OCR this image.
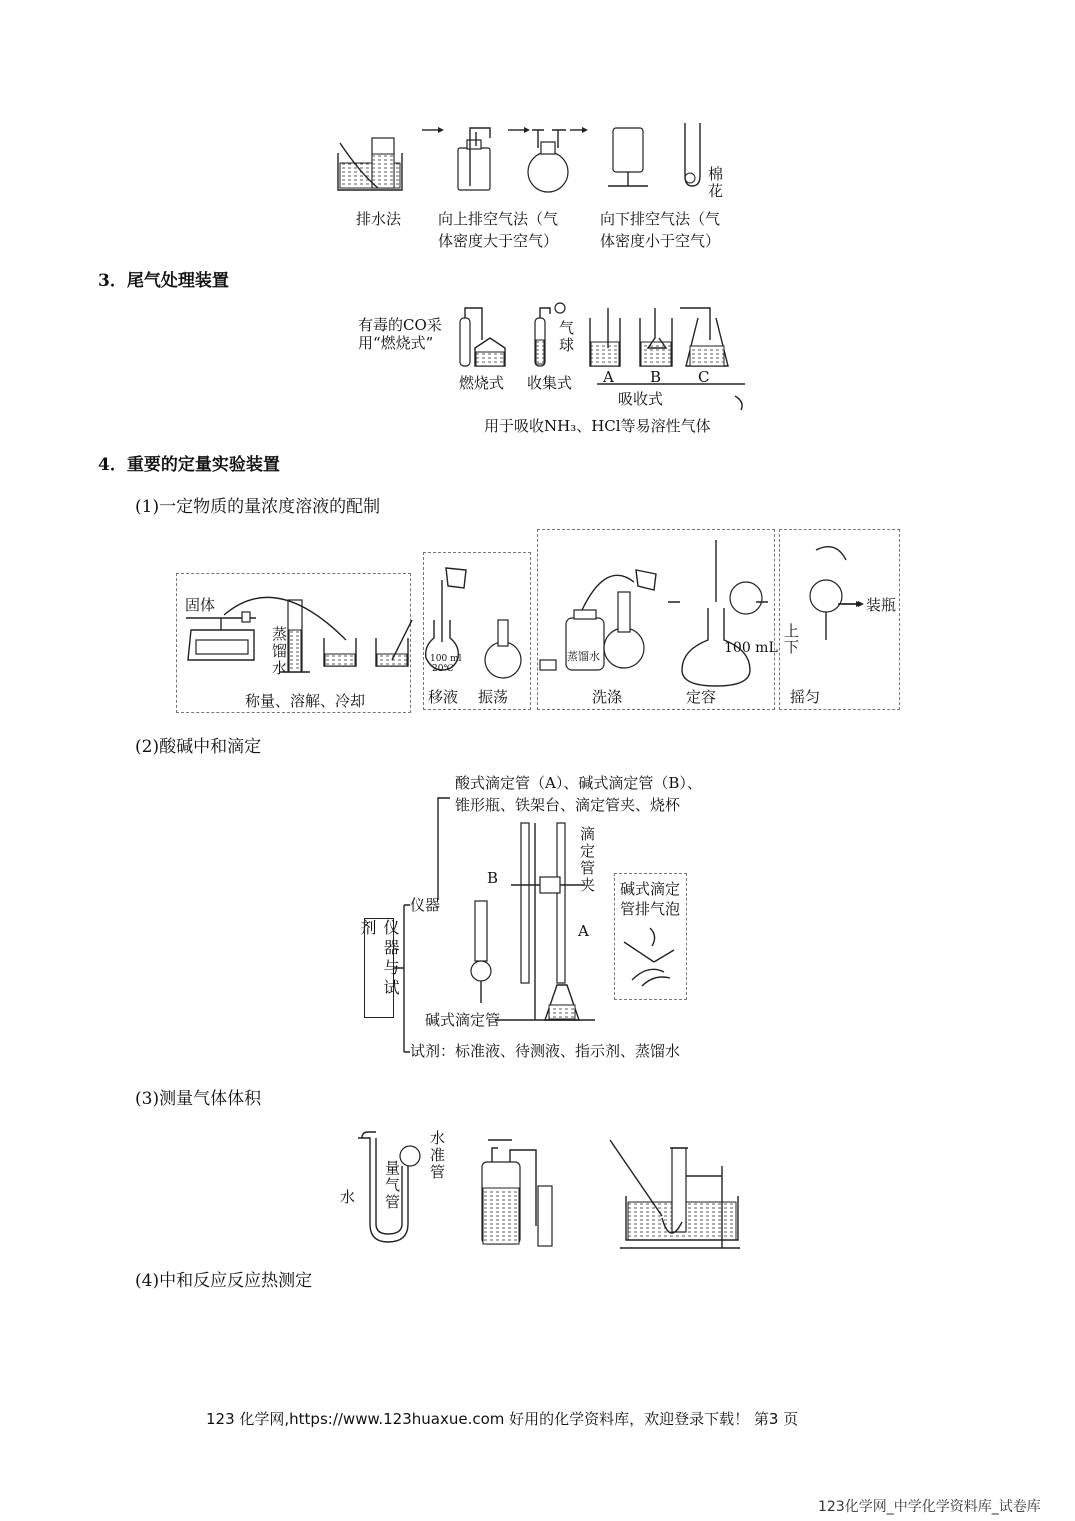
棉花
排水法 向上排空气法（气
体密度大于空气）
向下排空气法（气
体密度小于空气）
3．尾气处理装置
有毒的CO采
用“燃烧式”	气球
燃烧式 收集式 A B C
吸收式
用于吸收NH₃、HCl等易溶性气体
4．重要的定量实验装置
(1)一定物质的量浓度溶液的配制
固体
蒸馏水
称量、溶解、冷却
100 ml
20℃
移液 振荡
蒸馏水
洗涤
100 mL
定容
上
下
摇匀
装瓶
(2)酸碱中和滴定
酸式滴定管（A）、碱式滴定管（B）、
锥形瓶、铁架台、滴定管夹、烧杯
仪器与试剂
仪器
滴定管夹
B
A
碱式滴定管
碱式滴定
管排气泡
试剂：标准液、待测液、指示剂、蒸馏水
(3)测量气体体积
水 量气管
水准管
(4)中和反应反应热测定
123 化学网,https://www.123huaxue.com 好用的化学资料库，欢迎登录下载！ 第3 页
123化学网_中学化学资料库_试卷库
